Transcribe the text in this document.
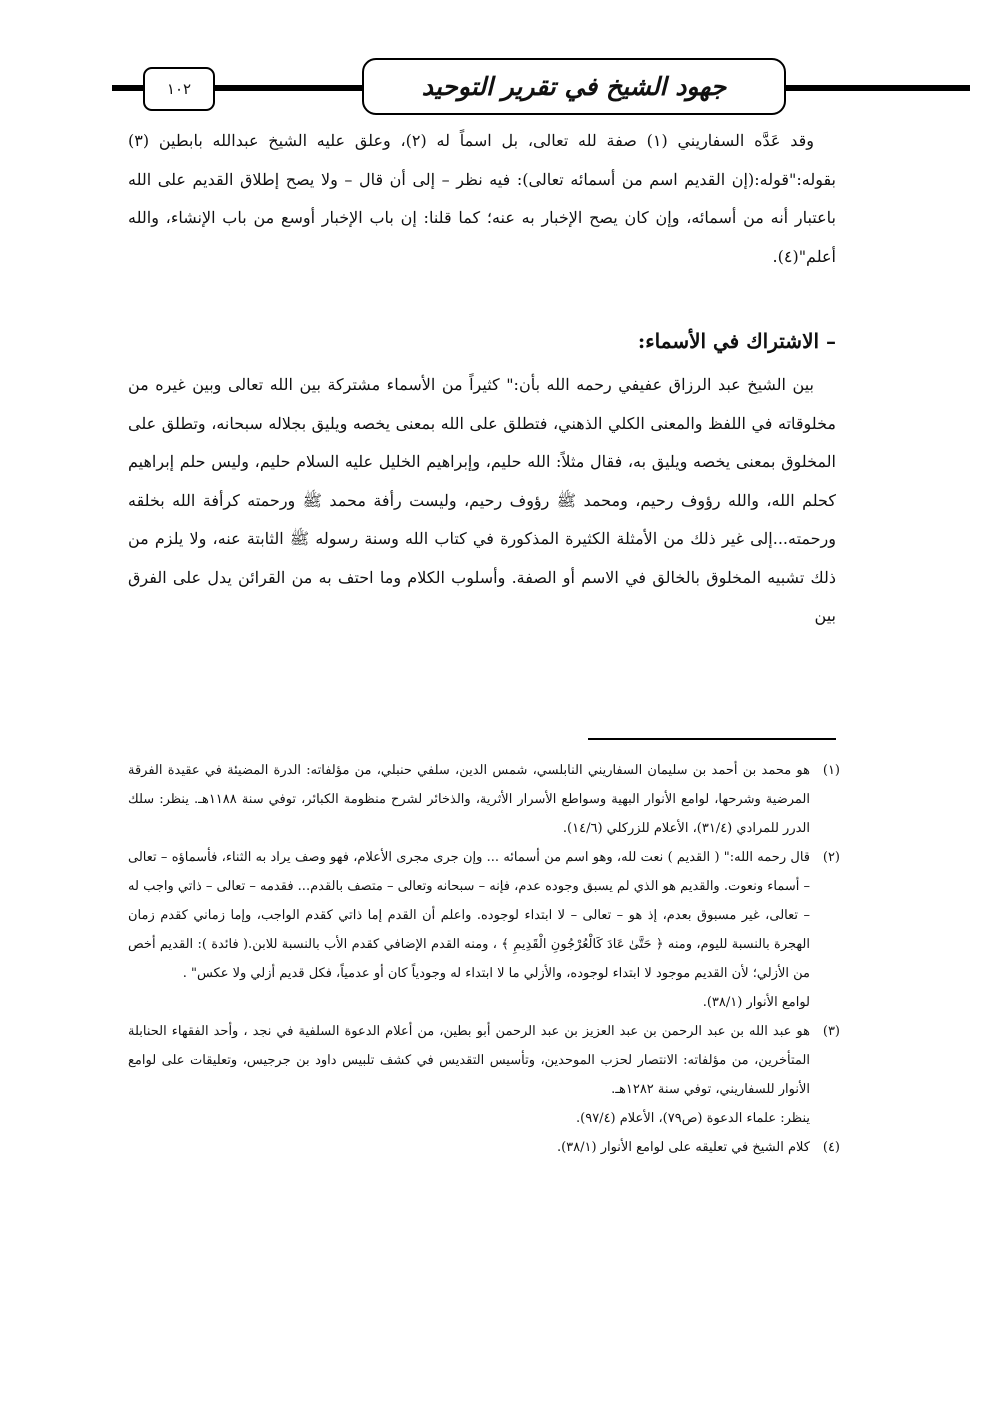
١٠٢	جهود الشيخ في تقرير التوحيد

وقد عَدَّه السفاريني (١) صفة لله تعالى، بل اسماً له (٢)، وعلق عليه الشيخ عبدالله بابطين (٣) بقوله:"قوله:(إن القديم اسم من أسمائه تعالى): فيه نظر – إلى أن قال – ولا يصح إطلاق القديم على الله باعتبار أنه من أسمائه، وإن كان يصح الإخبار به عنه؛ كما قلنا: إن باب الإخبار أوسع من باب الإنشاء، والله أعلم"(٤).

– الاشتراك في الأسماء:

بين الشيخ عبد الرزاق عفيفي رحمه الله بأن:" كثيراً من الأسماء مشتركة بين الله تعالى وبين غيره من مخلوقاته في اللفظ والمعنى الكلي الذهني، فتطلق على الله بمعنى يخصه ويليق بجلاله سبحانه، وتطلق على المخلوق بمعنى يخصه ويليق به، فقال مثلاً: الله حليم، وإبراهيم الخليل عليه السلام حليم، وليس حلم إبراهيم كحلم الله، والله رؤوف رحيم، ومحمد ﷺ رؤوف رحيم، وليست رأفة محمد ﷺ ورحمته كرأفة الله بخلقه ورحمته...إلى غير ذلك من الأمثلة الكثيرة المذكورة في كتاب الله وسنة رسوله ﷺ الثابتة عنه، ولا يلزم من ذلك تشبيه المخلوق بالخالق في الاسم أو الصفة. وأسلوب الكلام وما احتف به من القرائن يدل على الفرق بين

(١)
هو محمد بن أحمد بن سليمان السفاريني النابلسي، شمس الدين، سلفي حنبلي، من مؤلفاته: الدرة المضيئة في عقيدة الفرقة المرضية وشرحها، لوامع الأنوار البهية وسواطع الأسرار الأثرية، والذخائر لشرح منظومة الكبائر، توفي سنة ١١٨٨هـ. ينظر: سلك الدرر للمرادي (٣١/٤)، الأعلام للزركلي (١٤/٦).
(٢)
قال رحمه الله:" ( القديم ) نعت لله، وهو اسم من أسمائه ... وإن جرى مجرى الأعلام، فهو وصف يراد به الثناء، فأسماؤه – تعالى – أسماء ونعوت. والقديم هو الذي لم يسبق وجوده عدم، فإنه – سبحانه وتعالى – متصف بالقدم... فقدمه – تعالى – ذاتي واجب له – تعالى، غير مسبوق بعدم، إذ هو – تعالى – لا ابتداء لوجوده. واعلم أن القدم إما ذاتي كقدم الواجب، وإما زماني كقدم زمان الهجرة بالنسبة لليوم، ومنه ﴿ حَتَّىٰ عَادَ كَالْعُرْجُونِ الْقَدِيمِ ﴾ ، ومنه القدم الإضافي كقدم الأب بالنسبة للابن.( فائدة ): القديم أخص من الأزلي؛ لأن القديم موجود لا ابتداء لوجوده، والأزلي ما لا ابتداء له وجودياً كان أو عدمياً، فكل قديم أزلي ولا عكس" .
لوامع الأنوار (٣٨/١).
(٣)
هو عبد الله بن عبد الرحمن بن عبد العزيز بن عبد الرحمن أبو بطين، من أعلام الدعوة السلفية في نجد ، وأحد الفقهاء الحنابلة المتأخرين، من مؤلفاته: الانتصار لحزب الموحدين، وتأسيس التقديس في كشف تلبيس داود بن جرجيس، وتعليقات على لوامع الأنوار للسفاريني، توفي سنة ١٢٨٢هـ.
ينظر: علماء الدعوة (ص٧٩)، الأعلام (٩٧/٤).
(٤)
كلام الشيخ في تعليقه على لوامع الأنوار (٣٨/١).
